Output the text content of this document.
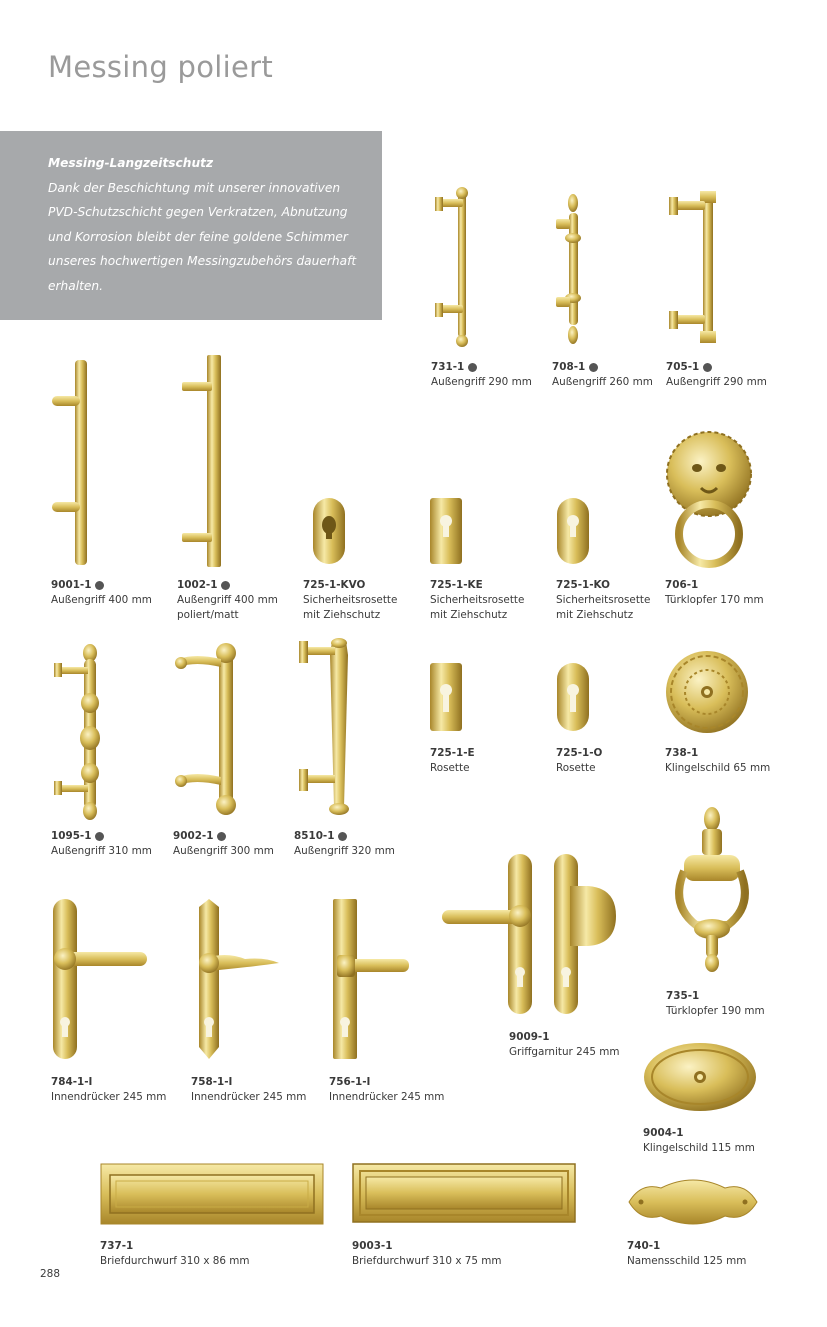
Messing poliert
Messing-Langzeitschutz
Dank der Beschichtung mit unserer innovativen PVD-Schutzschicht gegen Verkratzen, Abnutzung und Korrosion bleibt der feine goldene Schimmer unseres hochwertigen Messingzubehörs dauerhaft erhalten.
731-1

Außengriff 290 mm
708-1

Außengriff 260 mm
705-1

Außengriff 290 mm
9001-1

Außengriff 400 mm
1002-1

Außengriff 400 mm
poliert/matt
725-1-KVO

Sicherheitsrosette
mit Ziehschutz
725-1-KE

Sicherheitsrosette
mit Ziehschutz
725-1-KO

Sicherheitsrosette
mit Ziehschutz
706-1

Türklopfer 170 mm
1095-1

Außengriff 310 mm
9002-1

Außengriff 300 mm
8510-1

Außengriff 320 mm
725-1-E

Rosette
725-1-O

Rosette
738-1

Klingelschild 65 mm
735-1

Türklopfer 190 mm
784-1-I

Innendrücker 245 mm
758-1-I

Innendrücker 245 mm
756-1-I

Innendrücker 245 mm
9009-1

Griffgarnitur 245 mm
9004-1

Klingelschild 115 mm
737-1

Briefdurchwurf 310 x 86 mm
9003-1

Briefdurchwurf 310 x 75 mm
740-1

Namensschild 125 mm
288
